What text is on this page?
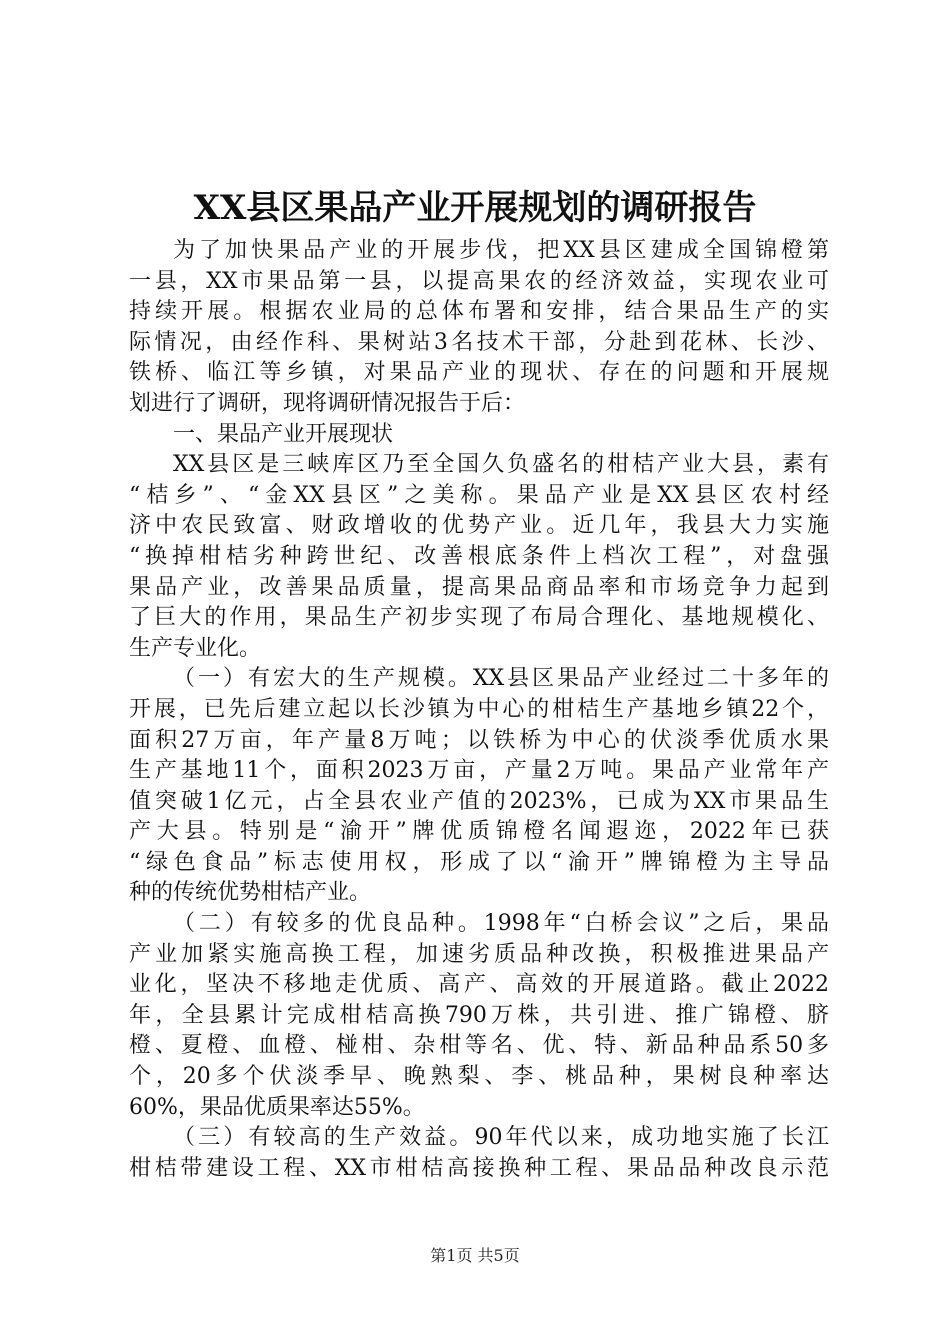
XX县区果品产业开展规划的调研报告
为了加快果品产业的开展步伐，把XX县区建成全国锦橙第
一县，XX市果品第一县，以提高果农的经济效益，实现农业可
持续开展。根据农业局的总体布署和安排，结合果品生产的实
际情况，由经作科、果树站3名技术干部，分赴到花林、长沙、
铁桥、临江等乡镇，对果品产业的现状、存在的问题和开展规
划进行了调研，现将调研情况报告于后：
一、果品产业开展现状
XX县区是三峡库区乃至全国久负盛名的柑桔产业大县，素有
“桔乡”、“金XX县区”之美称。果品产业是XX县区农村经
济中农民致富、财政增收的优势产业。近几年，我县大力实施
“换掉柑桔劣种跨世纪、改善根底条件上档次工程”，对盘强
果品产业，改善果品质量，提高果品商品率和市场竞争力起到
了巨大的作用，果品生产初步实现了布局合理化、基地规模化、
生产专业化。
（一）有宏大的生产规模。XX县区果品产业经过二十多年的
开展，已先后建立起以长沙镇为中心的柑桔生产基地乡镇22个，
面积27万亩，年产量8万吨；以铁桥为中心的伏淡季优质水果
生产基地11个，面积2023万亩，产量2万吨。果品产业常年产
值突破1亿元，占全县农业产值的2023%，已成为XX市果品生
产大县。特别是“渝开”牌优质锦橙名闻遐迩，2022年已获
“绿色食品”标志使用权，形成了以“渝开”牌锦橙为主导品
种的传统优势柑桔产业。
（二）有较多的优良品种。1998年“白桥会议”之后，果品
产业加紧实施高换工程，加速劣质品种改换，积极推进果品产
业化，坚决不移地走优质、高产、高效的开展道路。截止2022
年，全县累计完成柑桔高换790万株，共引进、推广锦橙、脐
橙、夏橙、血橙、椪柑、杂柑等名、优、特、新品种品系50多
个，20多个伏淡季早、晚熟梨、李、桃品种，果树良种率达
60%，果品优质果率达55%。
（三）有较高的生产效益。90年代以来，成功地实施了长江
柑桔带建设工程、XX市柑桔高接换种工程、果品品种改良示范
第1页 共5页
